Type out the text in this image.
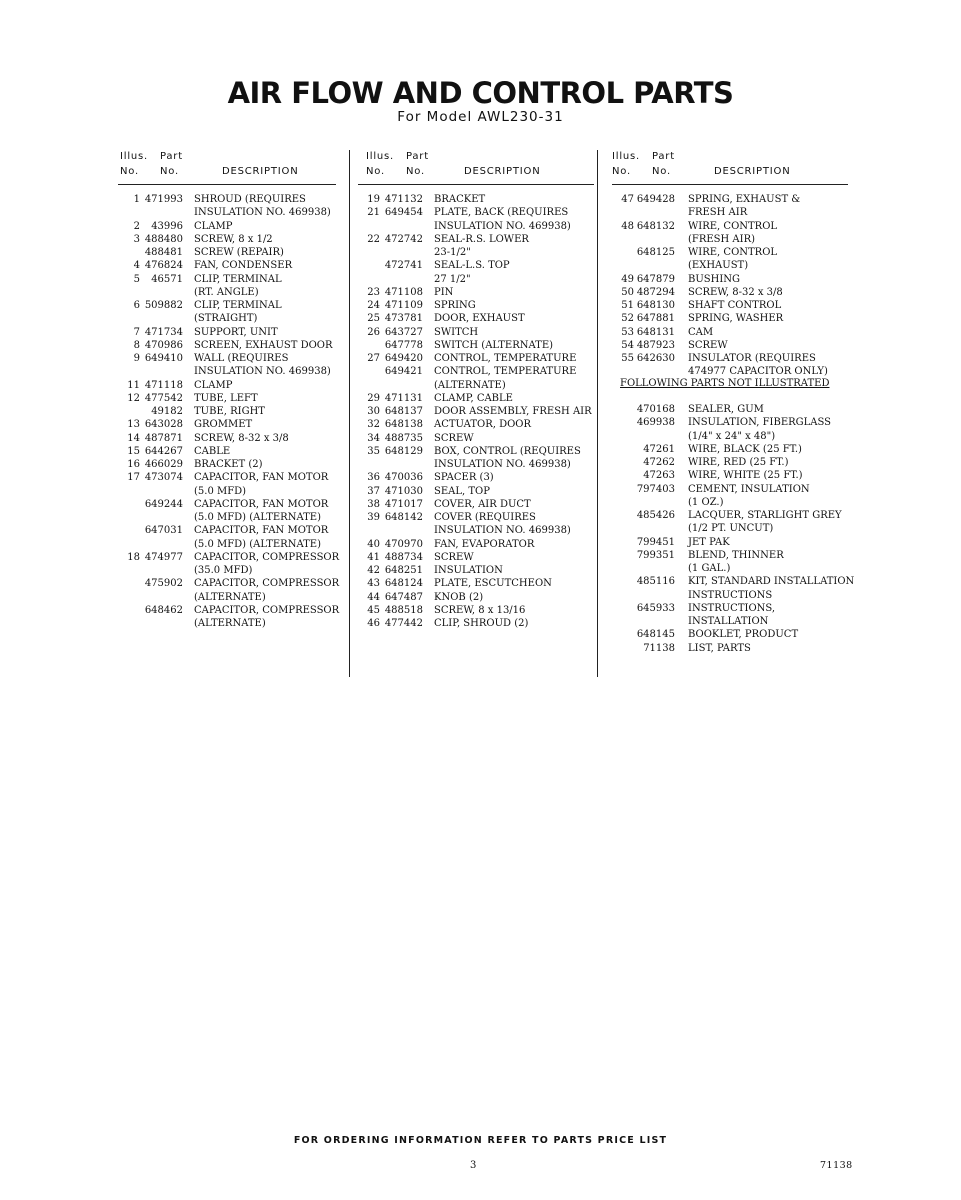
AIR FLOW AND CONTROL PARTS

For Model AWL230-31

Illus. Part
No. No.	DESCRIPTION
1 471993 SHROUD (REQUIRES
INSULATION NO. 469938)
2	43996 CLAMP
3 488480 SCREW, 8 x 1/2
488481 SCREW (REPAIR)
4 476824 FAN, CONDENSER
5	46571 CLIP, TERMINAL
(RT. ANGLE)
6 509882 CLIP, TERMINAL
(STRAIGHT)
7 471734 SUPPORT, UNIT
8 470986 SCREEN, EXHAUST DOOR
9 649410 WALL (REQUIRES
INSULATION NO. 469938)
11 471118 CLAMP
12 477542 TUBE, LEFT
49182 TUBE, RIGHT
13 643028 GROMMET
14 487871 SCREW, 8-32 x 3/8
15 644267 CABLE
16 466029 BRACKET (2)
17 473074 CAPACITOR, FAN MOTOR
(5.0 MFD)
649244 CAPACITOR, FAN MOTOR
(5.0 MFD) (ALTERNATE)
647031 CAPACITOR, FAN MOTOR
(5.0 MFD) (ALTERNATE)
18 474977 CAPACITOR, COMPRESSOR
(35.0 MFD)
475902 CAPACITOR, COMPRESSOR
(ALTERNATE)
648462 CAPACITOR, COMPRESSOR
(ALTERNATE)
Illus. Part
No. No.	DESCRIPTION
19 471132 BRACKET
21 649454 PLATE, BACK (REQUIRES
INSULATION NO. 469938)
22 472742 SEAL-R.S. LOWER
23-1/2"
472741 SEAL-L.S. TOP
27 1/2"
23 471108 PIN
24 471109 SPRING
25 473781 DOOR, EXHAUST
26 643727 SWITCH
647778 SWITCH (ALTERNATE)
27 649420 CONTROL, TEMPERATURE
649421 CONTROL, TEMPERATURE
(ALTERNATE)
29 471131 CLAMP, CABLE
30 648137 DOOR ASSEMBLY, FRESH AIR
32 648138 ACTUATOR, DOOR
34 488735 SCREW
35 648129 BOX, CONTROL (REQUIRES
INSULATION NO. 469938)
36 470036 SPACER (3)
37 471030 SEAL, TOP
38 471017 COVER, AIR DUCT
39 648142 COVER (REQUIRES
INSULATION NO. 469938)
40 470970 FAN, EVAPORATOR
41 488734 SCREW
42 648251 INSULATION
43 648124 PLATE, ESCUTCHEON
44 647487 KNOB (2)
45 488518 SCREW, 8 x 13/16
46 477442 CLIP, SHROUD (2)
Illus. Part
No. No.	DESCRIPTION
47 649428 SPRING, EXHAUST &
FRESH AIR
48 648132 WIRE, CONTROL
(FRESH AIR)
648125 WIRE, CONTROL
(EXHAUST)
49 647879 BUSHING
50 487294 SCREW, 8-32 x 3/8
51 648130 SHAFT CONTROL
52 647881 SPRING, WASHER
53 648131 CAM
54 487923 SCREW
55 642630 INSULATOR (REQUIRES
474977 CAPACITOR ONLY)
FOLLOWING PARTS NOT ILLUSTRATED
470168 SEALER, GUM
469938 INSULATION, FIBERGLASS
(1/4" x 24" x 48")
47261 WIRE, BLACK (25 FT.)
47262 WIRE, RED (25 FT.)
47263 WIRE, WHITE (25 FT.)
797403 CEMENT, INSULATION
(1 OZ.)
485426 LACQUER, STARLIGHT GREY
(1/2 PT. UNCUT)
799451 JET PAK
799351 BLEND, THINNER
(1 GAL.)
485116 KIT, STANDARD INSTALLATION
INSTRUCTIONS
645933 INSTRUCTIONS,
INSTALLATION
648145 BOOKLET, PRODUCT
71138 LIST, PARTS

FOR ORDERING INFORMATION REFER TO PARTS PRICE LIST

3	71138
